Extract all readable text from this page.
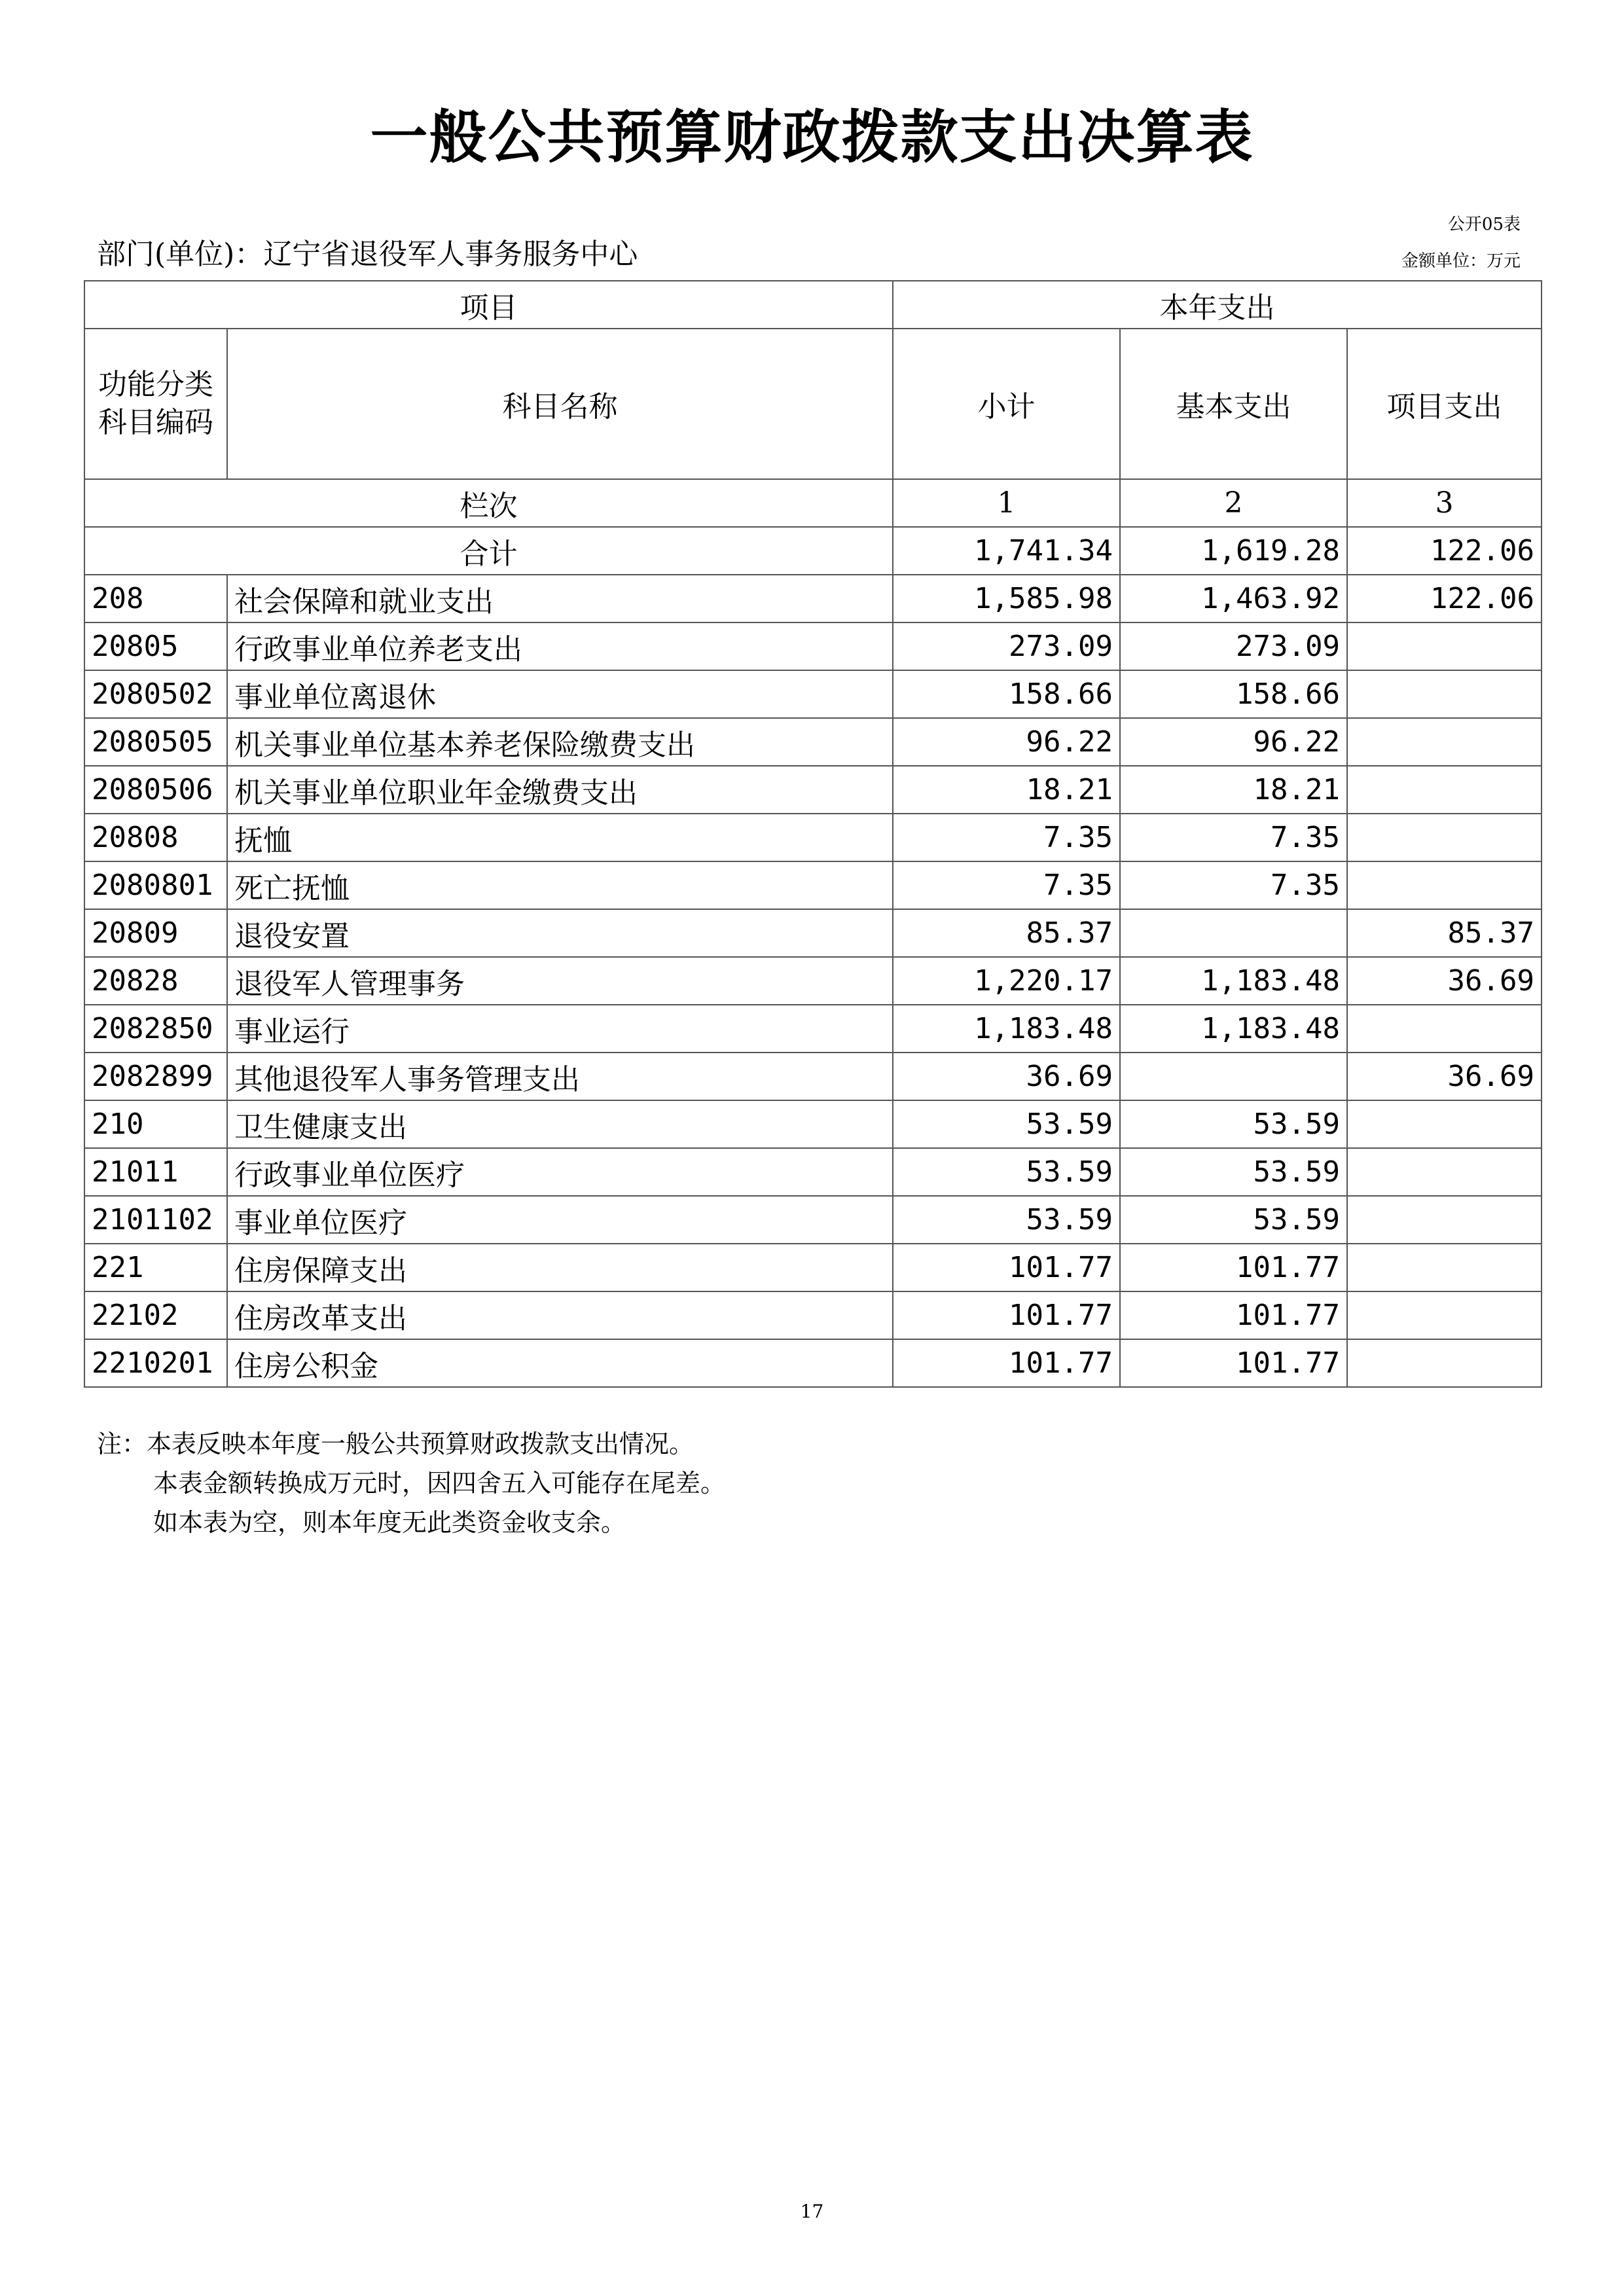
一般公共预算财政拨款支出决算表
公开05表
部门(单位)：辽宁省退役军人事务服务中心	金额单位：万元
项目		本年支出		
功能分类科目编码	科目名称	小计	基本支出	项目支出
栏次		1	2	3
合计		1,741.34	1,619.28	122.06
208	社会保障和就业支出	1,585.98	1,463.92	122.06
20805	行政事业单位养老支出	273.09	273.09	
2080502	事业单位离退休	158.66	158.66	
2080505	机关事业单位基本养老保险缴费支出	96.22	96.22	
2080506	机关事业单位职业年金缴费支出	18.21	18.21	
20808	抚恤	7.35	7.35	
2080801	死亡抚恤	7.35	7.35	
20809	退役安置	85.37		85.37
20828	退役军人管理事务	1,220.17	1,183.48	36.69
2082850	事业运行	1,183.48	1,183.48	
2082899	其他退役军人事务管理支出	36.69		36.69
210	卫生健康支出	53.59	53.59	
21011	行政事业单位医疗	53.59	53.59	
2101102	事业单位医疗	53.59	53.59	
221	住房保障支出	101.77	101.77	
22102	住房改革支出	101.77	101.77	
2210201	住房公积金	101.77	101.77	
注：本表反映本年度一般公共预算财政拨款支出情况。
本表金额转换成万元时，因四舍五入可能存在尾差。
如本表为空，则本年度无此类资金收支余。
17
